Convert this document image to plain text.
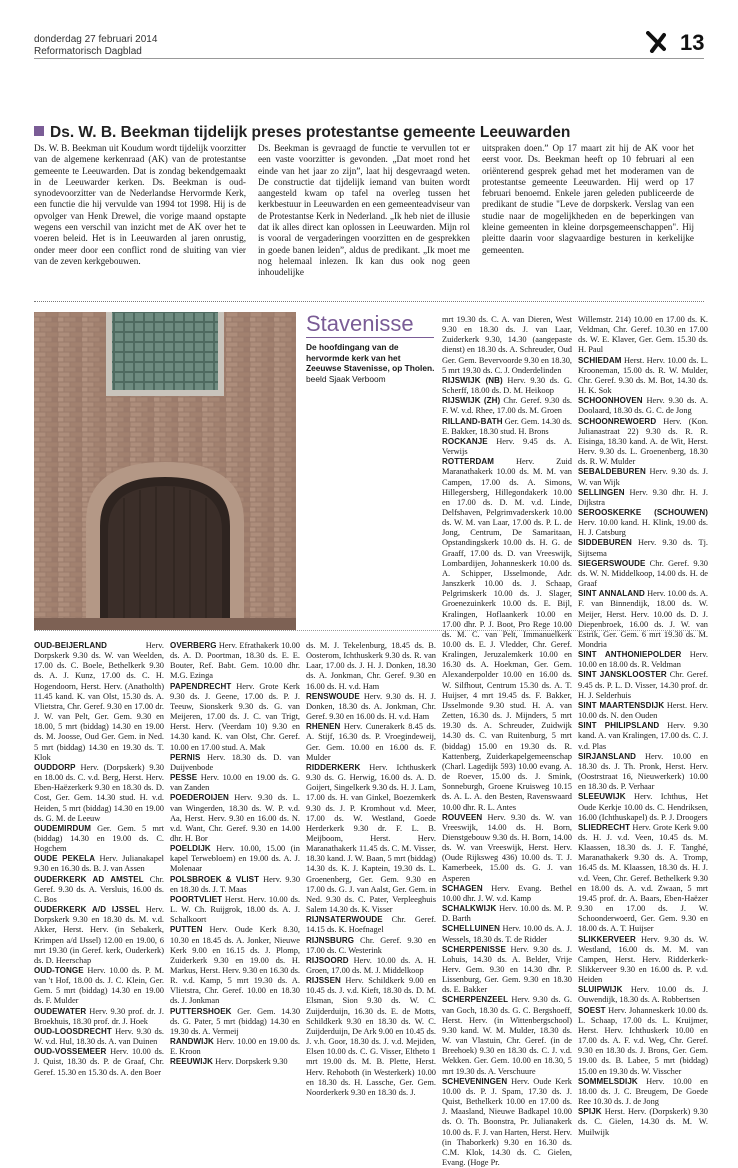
donderdag 27 februari 2014
Reformatorisch Dagblad	13
Ds. W. B. Beekman tijdelijk preses protestantse gemeente Leeuwarden
Ds. W. B. Beekman uit Koudum wordt tijdelijk voorzitter van de algemene kerkenraad (AK) van de protestantse gemeente te Leeuwarden. Dat is zondag bekendgemaakt in de Leeuwarder kerken. Ds. Beekman is oud-synodevoorzitter van de Nederlandse Hervormde Kerk, een functie die hij vervulde van 1994 tot 1998. Hij is de opvolger van Henk Drewel, die vorige maand opstapte wegens een verschil van inzicht met de AK over het te voeren beleid. Het is in Leeuwarden al jaren onrustig, onder meer door een conflict rond de sluiting van vier van de zeven kerkgebouwen.
Ds. Beekman is gevraagd de functie te vervullen tot er een vaste voorzitter is gevonden. „Dat moet rond het einde van het jaar zo zijn”, laat hij desgevraagd weten. De constructie dat tijdelijk iemand van buiten wordt aangesteld kwam op tafel na overleg tussen het kerkbestuur in Leeuwarden en een gemeenteadviseur van de Protestantse Kerk in Nederland. „Ik heb niet de illusie dat ik alles direct kan oplossen in Leeuwarden. Mijn rol is vooral de vergaderingen voorzitten en de gesprekken in goede banen leiden”, aldus de predikant. „Ik moet me nog helemaal inlezen. Ik kan dus ook nog geen inhoudelijke
uitspraken doen.” Op 17 maart zit hij de AK voor het eerst voor. Ds. Beekman heeft op 10 februari al een oriënterend gesprek gehad met het moderamen van de protestantse gemeente Leeuwarden. Hij werd op 17 februari benoemd. Enkele jaren geleden publiceerde de predikant de studie "Leve de dorpskerk. Verslag van een studie naar de mogelijkheden en de beperkingen van kleine gemeenten in kleine dorpsgemeenschappen". Hij pleitte daarin voor slagvaardige besturen in kerkelijke gemeenten.
Stavenisse
De hoofdingang van de hervormde kerk van het Zeeuwse Stavenisse, op Tholen. beeld Sjaak Verboom

OUD-BEIJERLAND	Herv. Dorpskerk 9.30 ds. W. van Weelden, 17.00 ds. C. Boele, Bethelkerk 9.30 ds. A. J. Kunz, 17.00 ds. C. H. Hogendoorn, Herst. Herv. (Anatholth) 11.45 kand. K. van Olst, 15.30 ds. A. Vlietstra, Chr. Geref. 9.30 en 17.00 dr. J. W. van Pelt, Ger. Gem. 9.30 en 18.00, 5 mrt (biddag) 14.30 en 19.00 ds. M. Joosse, Oud Ger. Gem. in Ned. 5 mrt (biddag) 14.30 en 19.30 ds. T. Klok

OUDDORP Herv. (Dorpskerk) 9.30 en 18.00 ds. C. v.d. Berg, Herst. Herv. Eben-Haëzerkerk 9.30 en 18.30 ds. D. Cost, Ger. Gem. 14.30 stud. H. v.d. Heiden, 5 mrt (biddag) 14.30 en 19.00 ds. G. M. de Leeuw

OUDEMIRDUM Ger. Gem. 5 mrt (biddag) 14.30 en 19.00 ds. C. Hogchem

OUDE PEKELA Herv. Julianakapel 9.30 en 16.30 ds. B. J. van Assen

OUDERKERK AD AMSTEL Chr. Geref. 9.30 ds. A. Versluis, 16.00 ds. C. Bos

OUDERKERK A/D IJSSEL Herv. Dorpskerk 9.30 en 18.30 ds. M. v.d. Akker, Herst. Herv. (in Sebakerk, Krimpen a/d IJssel) 12.00 en 19.00, 6 mrt 19.30 (in Geref. kerk, Ouderkerk) ds. D. Heerschap

OUD-TONGE Herv. 10.00 ds. P. M. van 't Hof, 18.00 ds. J. C. Klein, Ger. Gem. 5 mrt (biddag) 14.30 en 19.00 ds. F. Mulder

OUDEWATER Herv. 9.30 prof. dr. J. Broekhuis, 18.30 prof. dr. J. Hoek

OUD-LOOSDRECHT Herv. 9.30 ds. W. v.d. Hul, 18.30 ds. A. van Duinen

OUD-VOSSEMEER Herv. 10.00 ds. J. Quist, 18.30 ds. P. de Graaf, Chr. Geref. 15.30 en 15.30 ds. A. den Boer

OVERBERG Herv. Efrathakerk 10.00 ds. A. D. Poortman, 18.30 ds. E. E. Bouter, Ref. Babt. Gem. 10.00 dhr. M.G. Ezinga

PAPENDRECHT Herv. Grote Kerk 9.30 ds. J. Geene, 17.00 ds. P. J. Teeuw, Sionskerk 9.30 ds. G. van Meijeren, 17.00 ds. J. C. van Trigt, Herst. Herv. (Veerdam 10) 9.30 en 14.30 kand. K. van Olst, Chr. Geref. 10.00 en 17.00 stud. A. Mak

PERNIS Herv. 18.30 ds. D. van Duijvenbode

PESSE Herv. 10.00 en 19.00 ds. G. van Zanden

POEDEROIJEN Herv. 9.30 ds. L. van Wingerden, 18.30 ds. W. P. v.d. Aa, Herst. Herv. 9.30 en 16.00 ds. N. v.d. Want, Chr. Geref. 9.30 en 14.00 dhr. H. Bor

POELDIJK Herv. 10.00, 15.00 (in kapel Terwebloem) en 19.00 ds. A. J. Molenaar

POLSBROEK & VLIST Herv. 9.30 en 18.30 ds. J. T. Maas

POORTVLIET Herst. Herv. 10.00 ds. L. W. Ch. Ruijgrok, 18.00 ds. A. J. Schalkoort

PUTTEN Herv. Oude Kerk 8.30, 10.30 en 18.45 ds. A. Jonker, Nieuwe Kerk 9.00 en 16.15 ds. J. Plomp, Zuiderkerk 9.30 en 19.00 ds. H. Markus, Herst. Herv. 9.30 en 16.30 ds. R. v.d. Kamp, 5 mrt 19.30 ds. A. Vlietstra, Chr. Geref. 10.00 en 18.30 ds. J. Jonkman

PUTTERSHOEK Ger. Gem. 14.30 ds. G. Pater, 5 mrt (biddag) 14.30 en 19.30 ds. A. Vermeij

RANDWIJK Herv. 10.00 en 19.00 ds. E. Kroon

REEUWIJK Herv. Dorpskerk 9.30

ds. M. J. Tekelenburg, 18.45 ds. B. Oosterom, Ichthuskerk 9.30 ds. R. van Laar, 17.00 ds. J. H. J. Donken, 18.30 ds. A. Jonkman, Chr. Geref. 9.30 en 16.00 ds. H. v.d. Ham

RENSWOUDE Herv. 9.30 ds. H. J. Donken, 18.30 ds. A. Jonkman, Chr. Geref. 9.30 en 16.00 ds. H. v.d. Ham

RHENEN Herv. Cunerakerk 8.45 ds. A. Stijf, 16.30 ds. P. Vroegindeweij, Ger. Gem. 10.00 en 16.00 ds. F. Mulder

RIDDERKERK Herv. Ichthuskerk 9.30 ds. G. Herwig, 16.00 ds. A. D. Goijert, Singelkerk 9.30 ds. H. J. Lam, 17.00 ds. H. van Ginkel, Boezemkerk 9.30 ds. J. P. Kromhout v.d. Meer, 17.00 ds. W. Westland, Goede Herderkerk 9.30 dr. F. L. B. Meijboom, Herst. Herv. Maranathakerk 11.45 ds. C. M. Visser, 18.30 kand. J. W. Baan, 5 mrt (biddag) 14.30 ds. K. J. Kaptein, 19.30 ds. L. Groenenberg, Ger. Gem. 9.30 en 17.00 ds. G. J. van Aalst, Ger. Gem. in Ned. 9.30 ds. C. Pater, Verpleeghuis Salem 14.30 ds. K. Visser

RIJNSATERWOUDE Chr. Geref. 14.15 ds. K. Hoefnagel

RIJNSBURG Chr. Geref. 9.30 en 17.00 ds. C. Westerink

RIJSOORD Herv. 10.00 ds. A. H. Groen, 17.00 ds. M. J. Middelkoop

RIJSSEN Herv. Schildkerk 9.00 en 10.45 ds. J. v.d. Kieft, 18.30 ds. D. M. Elsman, Sion 9.30 ds. W. C. Zuijderduijn, 16.30 ds. E. de Motts, Schildkerk 9.30 en 18.30 ds. W. C. Zuijderduijn, De Ark 9.00 en 10.45 ds. J. v.h. Goor, 18.30 ds. J. v.d. Mejiden, Elsen 10.00 ds. C. G. Visser, Eltheto 1 mrt 19.00 ds. M. B. Plette, Herst. Herv. Rehoboth (in Westerkerk) 10.00 en 18.30 ds. H. Lassche, Ger. Gem. Noorderkerk 9.30 en 18.30 ds. J.

mrt 19.30 ds. C. A. van Dieren, West 9.30 en 18.30 ds. J. van Laar, Zuiderkerk 9.30, 14.30 (aangepaste dienst) en 18.30 ds. A. Schreuder, Oud Ger. Gem. Bevervoorde 9.30 en 18.30, 5 mrt 19.30 ds. C. J. Onderdelinden

RIJSWIJK (NB) Herv. 9.30 ds. G. Scherff, 18.00 ds. D. M. Heikoop

RIJSWIJK (ZH) Chr. Geref. 9.30 ds. F. W. v.d. Rhee, 17.00 ds. M. Groen

RILLAND-BATH Ger. Gem. 14.30 ds. E. Bakker, 18.30 stud. H. Brons

ROCKANJE Herv. 9.45 ds. A. Verwijs

ROTTERDAM	Herv. Zuid Maranathakerk 10.00 ds. M. M. van Campen, 17.00 ds. A. Simons, Hillegersberg, Hillegondakerk 10.00 en 17.00 ds. D. M. v.d. Linde, Delfshaven, Pelgrimvaderskerk 10.00 ds. W. M. van Laar, 17.00 ds. P. L. de Jong, Centrum, De Samaritaan, Opstandingskerk 10.00 ds. H. G. de Graaff, 17.00 ds. D. van Vreeswijk, Lombardijen, Johanneskerk 10.00 ds. A. Schipper, IJsselmonde, Adr. Janszkerk 10.00 ds. J. Schaap, Pelgrimskerk 10.00 ds. J. Slager, Groenezuinkerk 10.00 ds. E. Bijl, Kralingen, Hoflaankerk 10.00 en 17.00 dhr. P. J. Boot, Pro Rege 10.00 ds. M. C. van Pelt, Immanuelkerk 10.00 ds. E. J. Vledder, Chr. Geref. Kralingen, Jeruzalemkerk 10.00 en 16.30 ds. A. Hoekman, Ger. Gem. Alexanderpolder 10.00 en 16.00 ds. W. Silfhout, Centrum 15.30 ds. A. T. Huijser, 4 mrt 19.45 ds. F. Bakker, IJsselmonde 9.30 stud. H. A. van Zetten, 16.30 ds. J. Mijnders, 5 mrt 19.30 ds. A. Schreuder, Zuidwijk 14.30 ds. C. van Ruitenburg, 5 mrt (biddag) 15.00 en 19.30 ds. R. Kattenberg, Zuiderkapelgemeenschap (Charl. Lagedijk 593) 10.00 evang. A. de Roever, 15.00 ds. J. Smink, Sonneburgh, Groene Kruisweg 10.15 ds. A. L. A. den Besten, Ravenswaard 10.00 dhr. R. L. Antes

ROUVEEN Herv. 9.30 ds. W. van Vreeswijk, 14.00 ds. H. Born, Dienstgebouw 9.30 ds. H. Born, 14.00 ds. W. van Vreeswijk, Herst. Herv. (Oude Rijksweg 436) 10.00 ds. T. J. Kamerbeek, 15.00 ds. G. J. van Asperen

SCHAGEN Herv. Evang. Bethel 10.00 dhr. J. W. v.d. Kamp

SCHALKWIJK Herv. 10.00 ds. M. P. D. Barth

SCHELLUINEN Herv. 10.00 ds. A. J. Wessels, 18.30 ds. T. de Ridder

SCHERPENISSE Herv. 9.30 ds. J. Lohuis, 14.30 ds. A. Belder, Vrije Herv. Gem. 9.30 en 14.30 dhr. P. Lissenburg, Ger. Gem. 9.30 en 18.30 ds. E. Bakker

SCHERPENZEEL Herv. 9.30 ds. G. van Goch, 18.30 ds. G. C. Bergshoeff, Herst. Herv. (in Wittenbergschool) 9.30 kand. W. M. Mulder, 18.30 ds. W. van Vlastuin, Chr. Geref. (in de Breehoek) 9.30 en 18.30 ds. C. J. v.d. Wekken. Ger. Gem. 10.00 en 18.30, 5 mrt 19.30 ds. A. Verschuure

SCHEVENINGEN Herv. Oude Kerk 10.00 ds. P. J. Spam, 17.30 ds. J. Quist, Bethelkerk 10.00 en 17.00 ds. J. Maasland, Nieuwe Badkapel 10.00 ds. O. Th. Boonstra, Pr. Julianakerk 10.00 ds. F. J. van Harten, Herst. Herv. (in Thaborkerk) 9.30 en 16.30 ds. C.M. Klok, 14.30 ds. C. Gielen, Evang. (Hoge Pr.

Willemstr. 214) 10.00 en 17.00 ds. K. Veldman, Chr. Geref. 10.30 en 17.00 ds. W. E. Klaver, Ger. Gem. 15.30 ds. H. Paul

SCHIEDAM Herst. Herv. 10.00 ds. L. Krooneman, 15.00 ds. R. W. Mulder, Chr. Geref. 9.30 ds. M. Bot, 14.30 ds. H. K. Sok

SCHOONHOVEN Herv. 9.30 ds. A. Doolaard, 18.30 ds. G. C. de Jong

SCHOONREWOERD Herv. (Kon. Julianastraat 22) 9.30 ds. R. R. Eisinga, 18.30 kand. A. de Wit, Herst. Herv. 9.30 ds. L. Groenenberg, 18.30 ds. R. W. Mulder

SEBALDEBUREN Herv. 9.30 ds. J. W. van Wijk

SELLINGEN Herv. 9.30 dhr. H. J. Dijkstra

SEROOSKERKE (SCHOUWEN) Herv. 10.00 kand. H. Klink, 19.00 ds. H. J. Catsburg

SIDDEBUREN Herv. 9.30 ds. Tj. Sijtsema

SIEGERSWOUDE Chr. Geref. 9.30 ds. W. N. Middelkoop, 14.00 ds. H. de Graaf

SINT ANNALAND Herv. 10.00 ds. A. F. van Binnendijk, 18.00 ds. W. Meijer, Herst. Herv. 10.00 ds. D. J. Diepenbroek, 16.00 ds. J. W. van Estrik, Ger. Gem. 6 mrt 19.30 ds. M. Mondria

SINT ANTHONIEPOLDER Herv. 10.00 en 18.00 ds. R. Veldman

SINT JANSKLOOSTER Chr. Geref. 9.45 ds. P. L. D. Visser, 14.30 prof. dr. H. J. Selderhuis

SINT MAARTENSDIJK Herst. Herv. 10.00 ds. N. den Ouden

SINT PHILIPSLAND Herv. 9.30 kand. A. van Kralingen, 17.00 ds. C. J. v.d. Plas

SIRJANSLAND Herv. 10.00 en 18.30 ds. J. Th. Pronk, Herst. Herv. (Oostrstraat 16, Nieuwerkerk) 10.00 en 18.30 ds. P. Verhaar

SLEEUWIJK Herv. Ichthus, Het Oude Kerkje 10.00 ds. C. Hendriksen, 16.00 (Ichthuskapel) ds. P. J. Droogers

SLIEDRECHT Herv. Grote Kerk 9.00 ds. H. J. v.d. Veen, 10.45 ds. M. Klaassen, 18.30 ds. J. F. Tanghé, Maranathakerk 9.30 ds. A. Tromp, 16.45 ds. M. Klaassen, 18.30 ds. H. J. v.d. Veen, Chr. Geref. Bethelkerk 9.30 en 18.00 ds. A. v.d. Zwaan, 5 mrt 19.45 prof. dr. A. Baars, Eben-Haëzer 9.30 en 17.00 ds. J. W. Schoonderwoerd, Ger. Gem. 9.30 en 18.00 ds. A. T. Huijser

SLIKKERVEER Herv. 9.30 ds. W. Westland, 16.00 ds. M. M. van Campen, Herst. Herv. Ridderkerk-Slikkerveer 9.30 en 16.00 ds. P. v.d. Heiden

SLUIPWIJK Herv. 10.00 ds. J. Ouwendijk, 18.30 ds. A. Robbertsen

SOEST Herv. Johanneskerk 10.00 ds. L. Schaap, 17.00 ds. L. Kruijmer, Herst. Herv. Ichthuskerk 10.00 en 17.00 ds. A. F. v.d. Weg, Chr. Geref. 9.30 en 18.30 ds. J. Brons, Ger. Gem. 19.00 ds. B. Labee, 5 mrt (biddag) 15.00 en 19.30 ds. W. Visscher

SOMMELSDIJK Herv. 10.00 en 18.00 ds. J. C. Breugem, De Goede Ree 10.30 ds. J. de Jong

SPIJK Herst. Herv. (Dorpskerk) 9.30 ds. C. Gielen, 14.30 ds. M. W. Muilwijk
